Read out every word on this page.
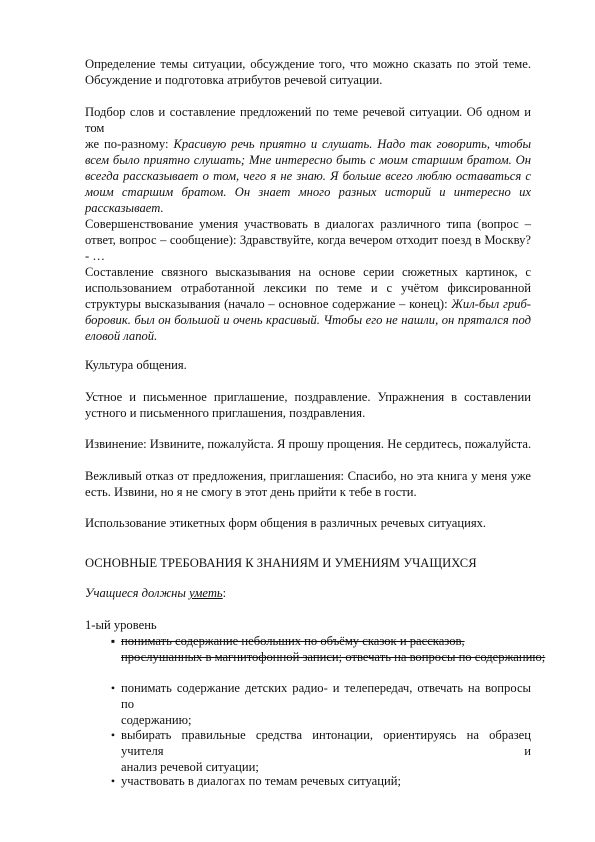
Определение темы ситуации, обсуждение того, что можно сказать по этой теме.
Обсуждение и подготовка атрибутов речевой ситуации.
Подбор слов и составление предложений по теме речевой ситуации. Об одном и том
же по-разному: Красивую речь приятно и слушать. Надо так говорить, чтобы
всем было приятно слушать; Мне интересно быть с моим старшим братом. Он
всегда рассказывает о том, чего я не знаю. Я больше всего люблю оставаться с
моим старшим братом. Он знает много разных историй и интересно их
рассказывает.
Совершенствование умения участвовать в диалогах различного типа (вопрос –
ответ, вопрос – сообщение): Здравствуйте, когда вечером отходит поезд в Москву?
- …
Составление связного высказывания на основе серии сюжетных картинок, с
использованием отработанной лексики по теме и с учётом фиксированной
структуры высказывания (начало – основное содержание – конец): Жил-был гриб-
боровик. был он большой и очень красивый. Чтобы его не нашли, он прятался под
еловой лапой.
Культура общения.
Устное и письменное приглашение, поздравление. Упражнения в составлении
устного и письменного приглашения, поздравления.
Извинение: Извините, пожалуйста. Я прошу прощения. Не сердитесь, пожалуйста.
Вежливый отказ от предложения, приглашения: Спасибо, но эта книга у меня уже
есть. Извини, но я не смогу в этот день прийти к тебе в гости.
Использование этикетных форм общения в различных речевых ситуациях.
ОСНОВНЫЕ ТРЕБОВАНИЯ К ЗНАНИЯМ И УМЕНИЯМ УЧАЩИХСЯ
Учащиеся должны уметь:
1-ый уровень
▪ понимать содержание небольших по объёму сказок и рассказов,
прослушанных в магнитофонной записи; отвечать на вопросы по содержанию;
• понимать содержание детских радио- и телепередач, отвечать на вопросы по
содержанию;
• выбирать правильные средства интонации, ориентируясь на образец учителя и
анализ речевой ситуации;
• участвовать в диалогах по темам речевых ситуаций;
